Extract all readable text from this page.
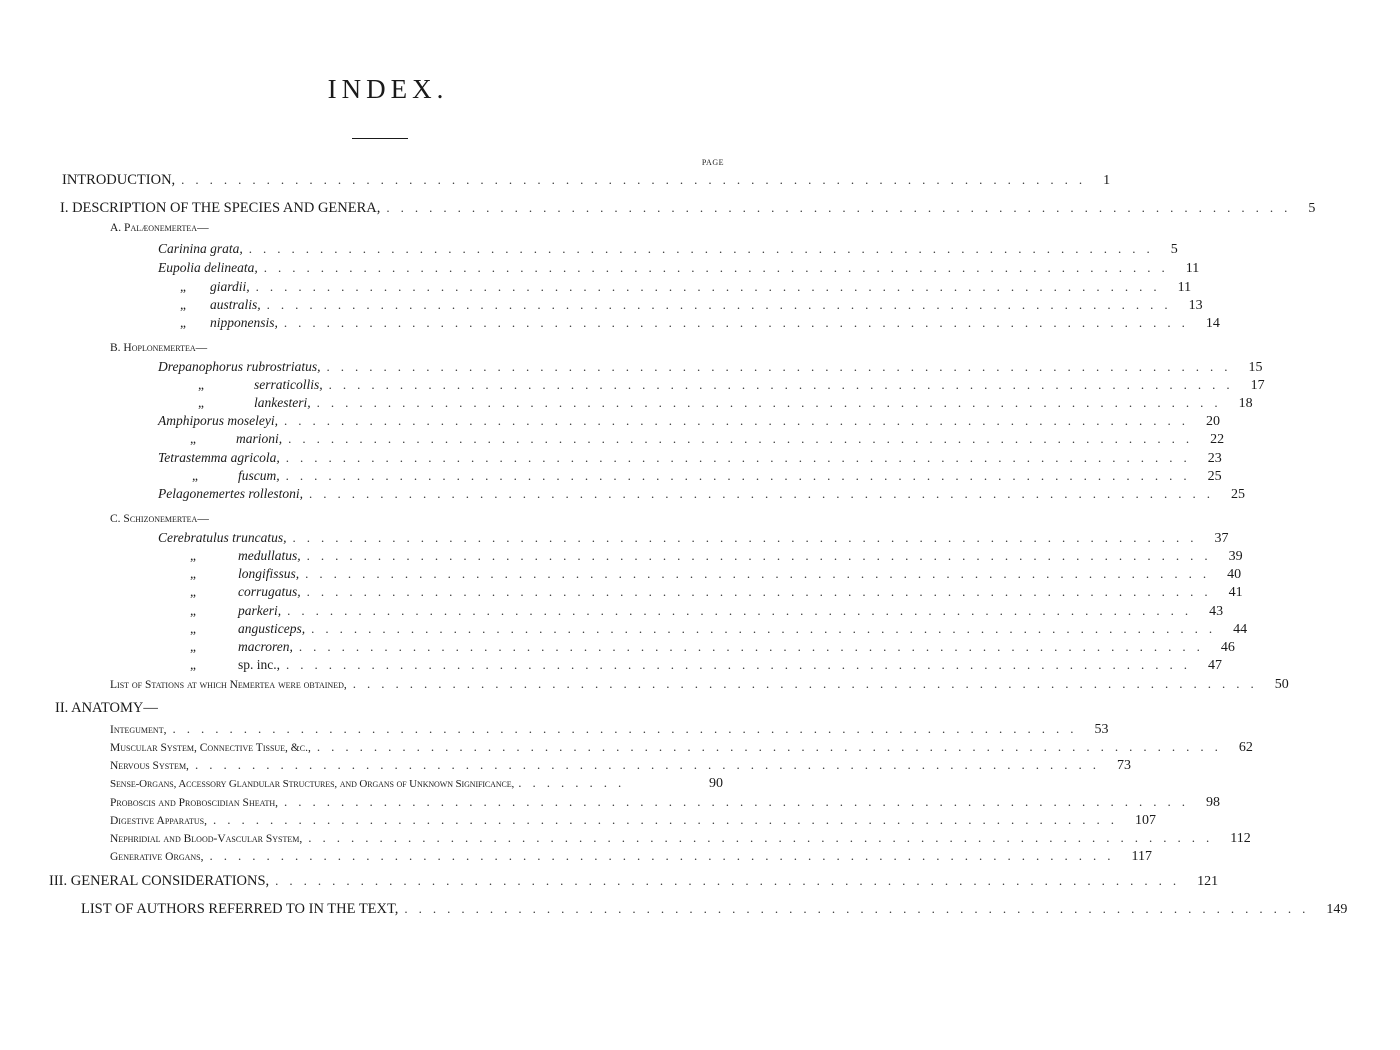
INDEX.
PAGE
INTRODUCTION, ................................................................ 1
I. DESCRIPTION OF THE SPECIES AND GENERA, ................................................................ 5
A. Palæonemertea—
Carinina grata, ................................................................ 5
Eupolia delineata, ................................................................ 11
„ giardii, ................................................................ 11
„ australis, ................................................................ 13
„ nipponensis, ................................................................ 14
B. Hoplonemertea—
Drepanophorus rubrostriatus, ................................................................ 15
„	serraticollis, ................................................................ 17
„	lankesteri, ................................................................ 18
Amphiporus moseleyi, ................................................................ 20
„	marioni, ................................................................ 22
Tetrastemma agricola, ................................................................ 23
„	fuscum, ................................................................ 25
Pelagonemertes rollestoni, ................................................................ 25
C. Schizonemertea—
Cerebratulus truncatus, ................................................................ 37
„	medullatus, ................................................................ 39
„	longifissus, ................................................................ 40
„	corrugatus, ................................................................ 41
„	parkeri, ................................................................ 43
„	angusticeps, ................................................................ 44
„	macroren, ................................................................ 46
„	sp. inc., ................................................................ 47
List of Stations at which Nemertea were obtained, ................................................................ 50
II. ANATOMY—
Integument, ................................................................ 53
Muscular System, Connective Tissue, &c., ................................................................ 62
Nervous System, ................................................................ 73
Sense-Organs, Accessory Glandular Structures, and Organs of Unknown Significance, ........	90
Proboscis and Proboscidian Sheath, ................................................................ 98
Digestive Apparatus, ................................................................ 107
Nephridial and Blood-Vascular System, ................................................................ 112
Generative Organs, ................................................................ 117
III. GENERAL CONSIDERATIONS, ................................................................ 121
LIST OF AUTHORS REFERRED TO IN THE TEXT, ................................................................ 149
